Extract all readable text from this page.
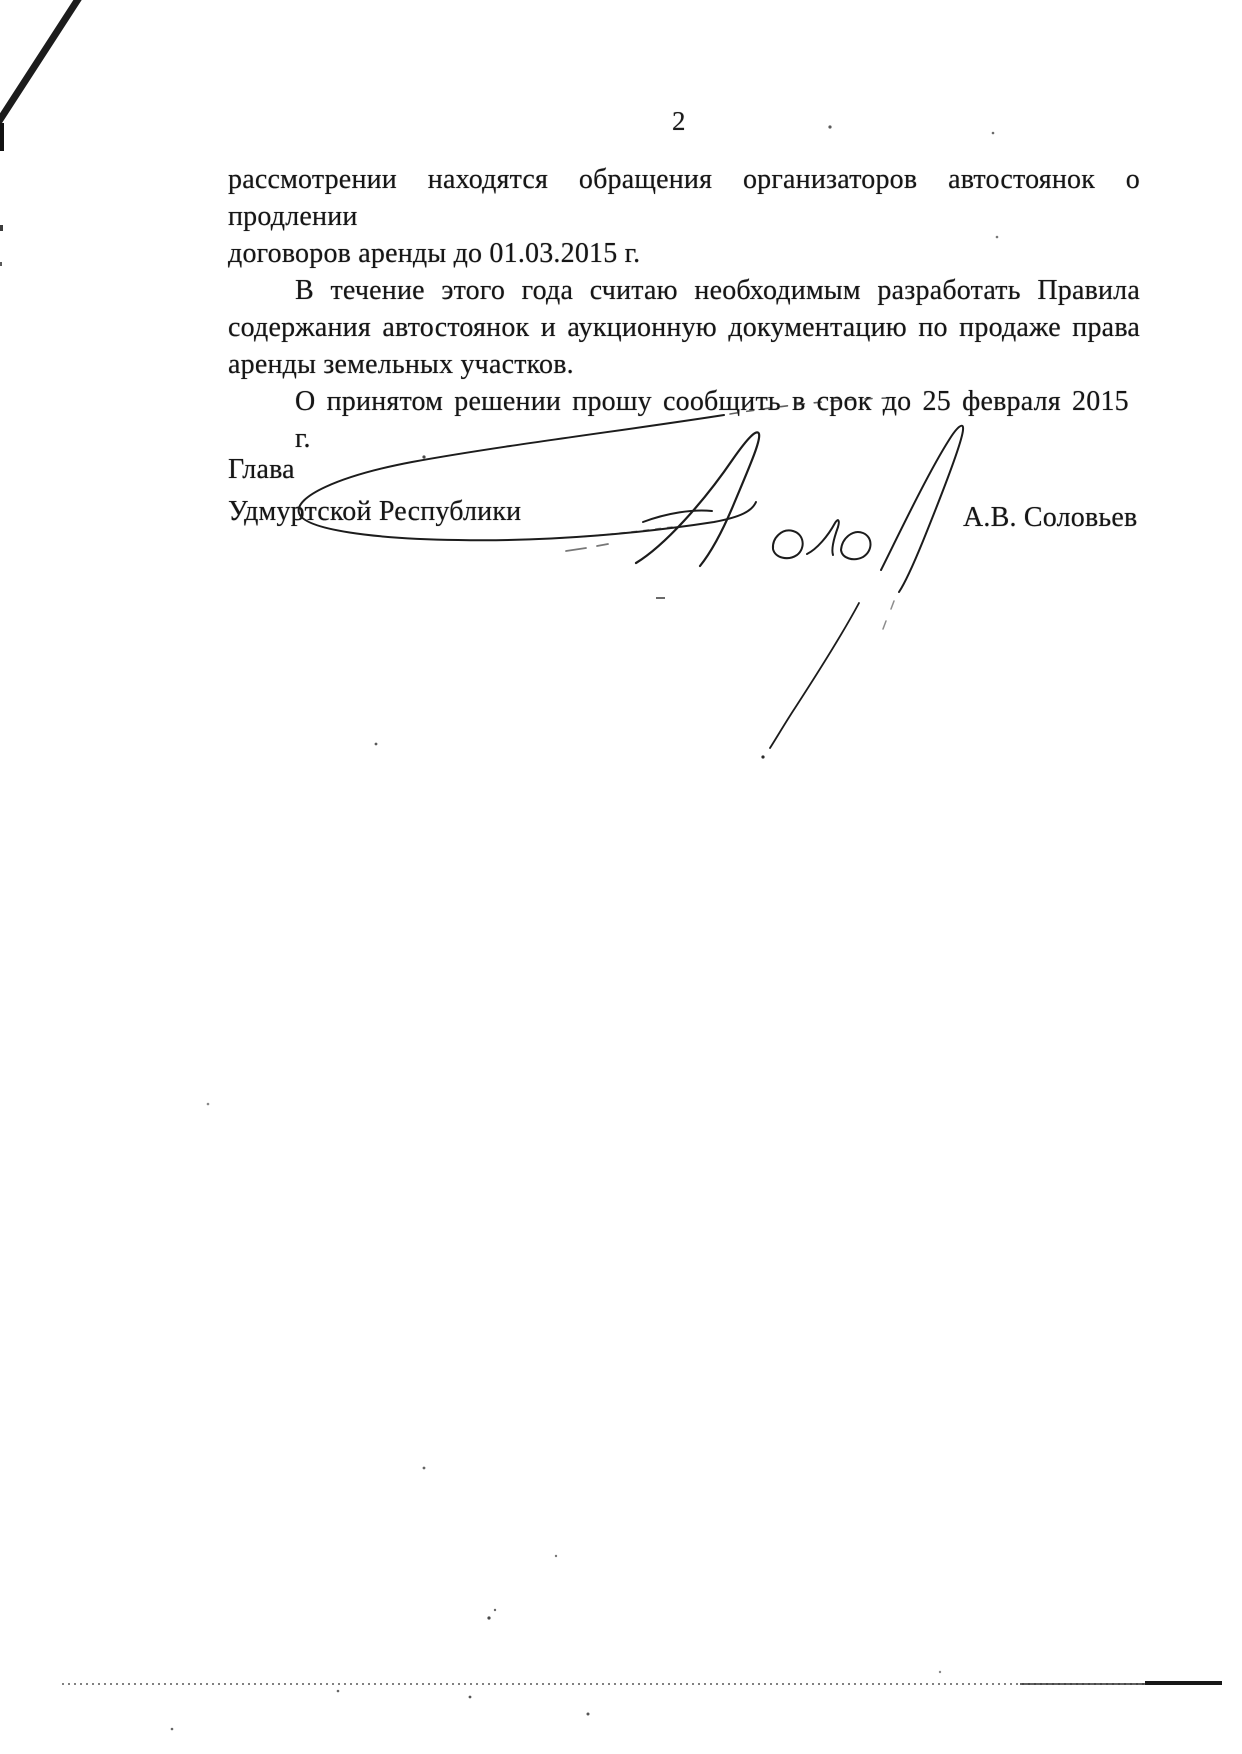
2

рассмотрении находятся обращения организаторов автостоянок о продлении

договоров аренды до 01.03.2015 г.

В течение этого года считаю необходимым разработать Правила

содержания автостоянок и аукционную документацию по продаже права

аренды земельных участков.

О принятом решении прошу сообщить в срок до 25 февраля 2015 г.

Глава
Удмуртской Республики	А.В. Соловьев
